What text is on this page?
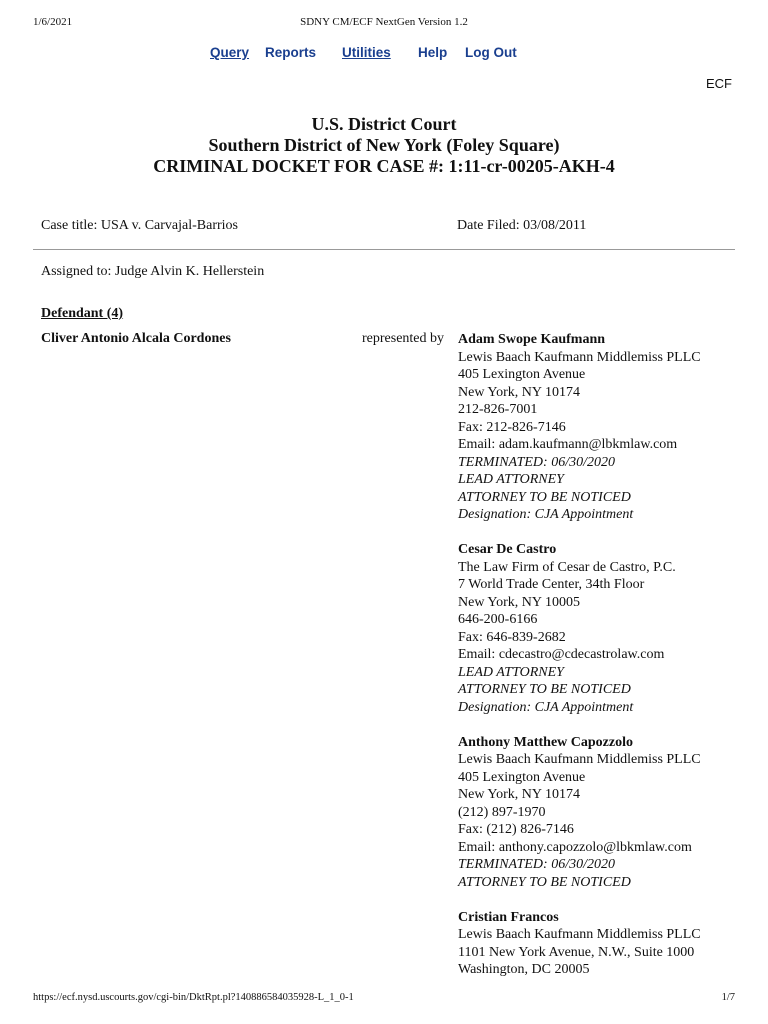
1/6/2021	SDNY CM/ECF NextGen Version 1.2
Query Reports Utilities Help Log Out
ECF
U.S. District Court
Southern District of New York (Foley Square)
CRIMINAL DOCKET FOR CASE #: 1:11-cr-00205-AKH-4
Case title: USA v. Carvajal-Barrios	Date Filed: 03/08/2011
Assigned to: Judge Alvin K. Hellerstein
Defendant (4)
Cliver Antonio Alcala Cordones	represented by Adam Swope Kaufmann
Lewis Baach Kaufmann Middlemiss PLLC
405 Lexington Avenue
New York, NY 10174
212-826-7001
Fax: 212-826-7146
Email: adam.kaufmann@lbkmlaw.com
TERMINATED: 06/30/2020
LEAD ATTORNEY
ATTORNEY TO BE NOTICED
Designation: CJA Appointment
Cesar De Castro
The Law Firm of Cesar de Castro, P.C.
7 World Trade Center, 34th Floor
New York, NY 10005
646-200-6166
Fax: 646-839-2682
Email: cdecastro@cdecastrolaw.com
LEAD ATTORNEY
ATTORNEY TO BE NOTICED
Designation: CJA Appointment
Anthony Matthew Capozzolo
Lewis Baach Kaufmann Middlemiss PLLC
405 Lexington Avenue
New York, NY 10174
(212) 897-1970
Fax: (212) 826-7146
Email: anthony.capozzolo@lbkmlaw.com
TERMINATED: 06/30/2020
ATTORNEY TO BE NOTICED
Cristian Francos
Lewis Baach Kaufmann Middlemiss PLLC
1101 New York Avenue, N.W., Suite 1000
Washington, DC 20005
https://ecf.nysd.uscourts.gov/cgi-bin/DktRpt.pl?140886584035928-L_1_0-1	1/7
